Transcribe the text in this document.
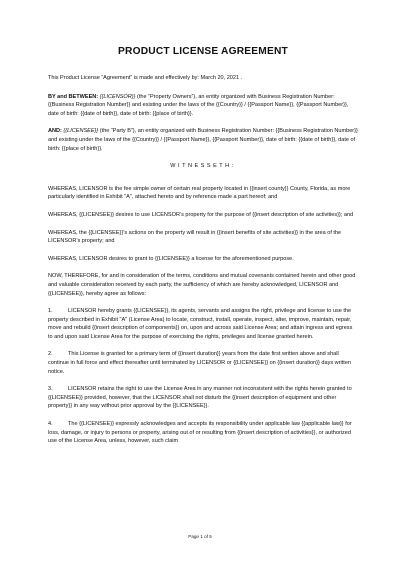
PRODUCT LICENSE AGREEMENT

This Product License “Agreement” is made and effectively by: March 20, 2021 .

BY and BETWEEN: {{LICENSOR}} (the “Property Owners”), an entity organized with Business Registration Number: {{Business Registration Number}} and existing under the laws of the {{Country}} / {{Passport Name}}, {{Passport Number}}, date of birth: {{date of birth}}, date of birth: {{place of birth}}.

AND: {{LICENSEE}} (the “Party B”), an entity organized with Business Registration Number: {{Business Registration Number}} and existing under the laws of the {{Country}} / {{Passport Name}}, {{Passport Number}}, date of birth: {{date of birth}}, date of birth: {{place of birth}}.

WITNESSETH:

WHEREAS, LICENSOR is the fee simple owner of certain real property located in {{insert county}} County, Florida, as more particularly identified in Exhibit "A", attached hereto and by reference made a part hereof; and

WHEREAS, {{LICENSEE}} desires to use LICENSOR’s property for the purpose of {{insert description of site activities}}; and

WHEREAS, the {{LICENSEE}}’s actions on the property will result in {{insert benefits of site activities}} in the area of the LICENSOR’s property; and

WHEREAS, LICENSOR desires to grant to {{LICENSEE}} a license for the aforementioned purpose.

NOW, THEREFORE, for and in consideration of the terms, conditions and mutual covenants contained herein and other good and valuable consideration received by each party, the sufficiency of which are hereby acknowledged, LICENSOR and {{LICENSEE}}, hereby agree as follows:

1.	LICENSOR hereby grants {{LICENSEE}}, its agents, servants and assigns the right, privilege and license to use the property described in Exhibit "A" (License Area) to locate, construct, install, operate, inspect, alter, improve, maintain, repair, move and rebuild {{insert description of components}} on, upon and across said License Area; and attain ingress and egress to and upon said License Area for the purpose of exercising the rights, privileges and license granted herein.

2.	This License is granted for a primary term of {{insert duration}} years from the date first written above and shall continue in full force and effect thereafter until terminated by LICENSOR or {{LICENSEE}} on {{insert duration}} days written notice.

3.	LICENSOR retains the right to use the License Area in any manner not inconsistent with the rights herein granted to {{LICENSEE}} provided, however, that the LICENSOR shall not disturb the {{insert description of equipment and other property}} in any way without prior approval by the {{LICENSEE}}.

4.	The {{LICENSEE}} expressly acknowledges and accepts its responsibility under applicable law {{applicable law}} for loss, damage, or injury to persons or property, arising out of or resulting from {{insert description of activities}}, or authorized use of the License Area, unless, however, such claim

Page 1 of 5
